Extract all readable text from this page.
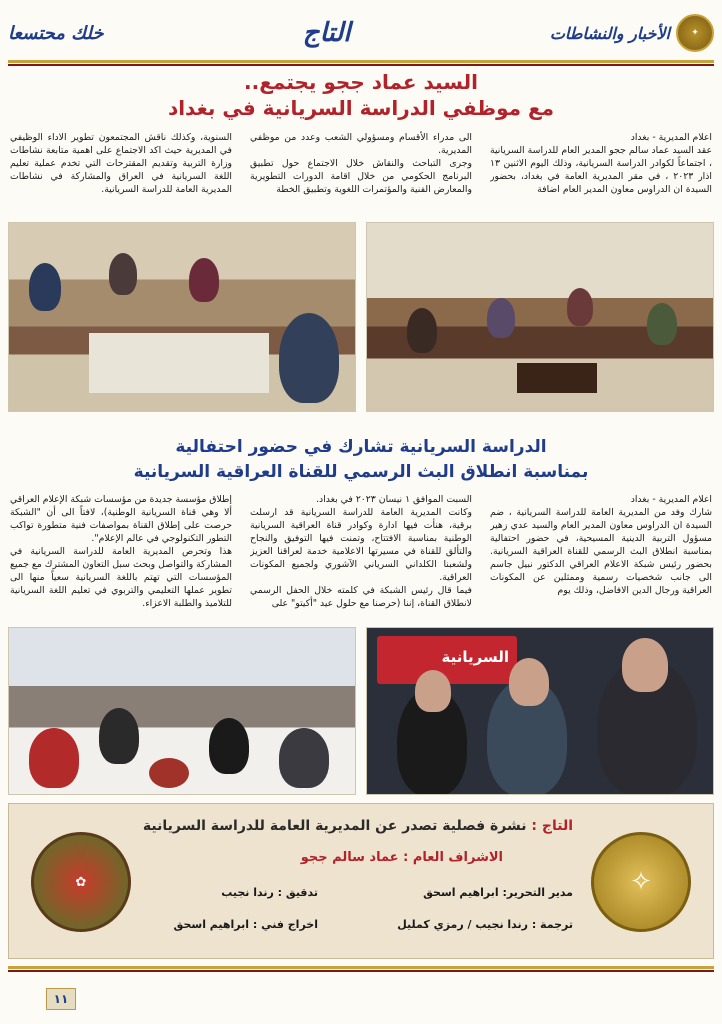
✦
الأخبار والنشاطات
التاج
خلك محتسعا
السيد عماد ججو يجتمع..
مع موظفي الدراسة السريانية في بغداد
اعلام المديرية - بغداد
عقد السيد عماد سالم ججو المدير العام للدراسة السريانية ، اجتماعاً لكوادر الدراسة السريانية، وذلك اليوم الاثنين ١٣ اذار ٢٠٢٣ ، في مقر المديرية العامة في بغداد، بحضور السيدة ان الدراوس معاون المدير العام اضافة
الى مدراء الأقسام ومسؤولي الشعب وعدد من موظفي المديرية.
وجرى التباحث والنقاش خلال الاجتماع حول تطبيق البرنامج الحكومي من خلال اقامة الدورات التطويرية والمعارض الفنية والمؤتمرات اللغوية وتطبيق الخطة
السنوية، وكذلك ناقش المجتمعون تطوير الاداء الوظيفي في المديرية حيث اكد الاجتماع على اهمية متابعة نشاطات وزارة التربية وتقديم المقترحات التي تخدم عملية تعليم اللغة السريانية في العراق والمشاركة في نشاطات المديرية العامة للدراسة السريانية.
الدراسة السريانية تشارك في حضور احتفالية
بمناسبة انطلاق البث الرسمي للقناة العراقية السريانية
اعلام المديرية - بغداد
شارك وفد من المديرية العامة للدراسة السريانية ، ضم السيدة ان الدراوس معاون المدير العام والسيد عدي زهير مسؤول التربية الدينية المسيحية، في حضور احتفالية بمناسبة انطلاق البث الرسمي للقناة العراقية السريانية. بحضور رئيس شبكة الاعلام العراقي الدكتور نبيل جاسم الى جانب شخصيات رسمية وممثلين عن المكونات العراقية ورجال الدين الافاضل، وذلك يوم
السبت الموافق ١ نيسان ٢٠٢٣ في بغداد.
وكانت المديرية العامة للدراسة السريانية قد ارسلت برقية، هنأت فيها ادارة وكوادر قناة العراقية السريانية الوطنية بمناسبة الافتتاح، وتمنت فيها التوفيق والنجاح والتألق للقناة في مسيرتها الاعلامية خدمة لعراقنا العزيز ولشعبنا الكلداني السرياني الآشوري ولجميع المكونات العراقية.
فيما قال رئيس الشبكة في كلمته خلال الحفل الرسمي لانطلاق القناة، إننا (حرصنا مع حلول عيد "أكيتو" على
إطلاق مؤسسة جديدة من مؤسسات شبكة الإعلام العراقي ألا وهي قناة السريانية الوطنية)، لافتاً الى أن "الشبكة حرصت على إطلاق القناة بمواصفات فنية متطورة تواكب التطور التكنولوجي في عالم الإعلام".
هذا وتحرص المديرية العامة للدراسة السريانية في المشاركة والتواصل وبحث سبل التعاون المشترك مع جميع المؤسسات التي تهتم باللغة السريانية سعياً منها الى تطوير عملها التعليمي والتربوي في تعليم اللغة السريانية للتلاميذ والطلبة الاعزاء.
السريانية
التاج : نشرة فصلية تصدر عن المديرية العامة للدراسة السريانية
الاشراف العام : عماد سالم ججو
مدير التحرير: ابراهيم اسحق
تدقيق : رندا نجيب
ترجمة : رندا نجيب / رمزي كمليل
اخراج فني : ابراهيم اسحق
✧
✿
١١
